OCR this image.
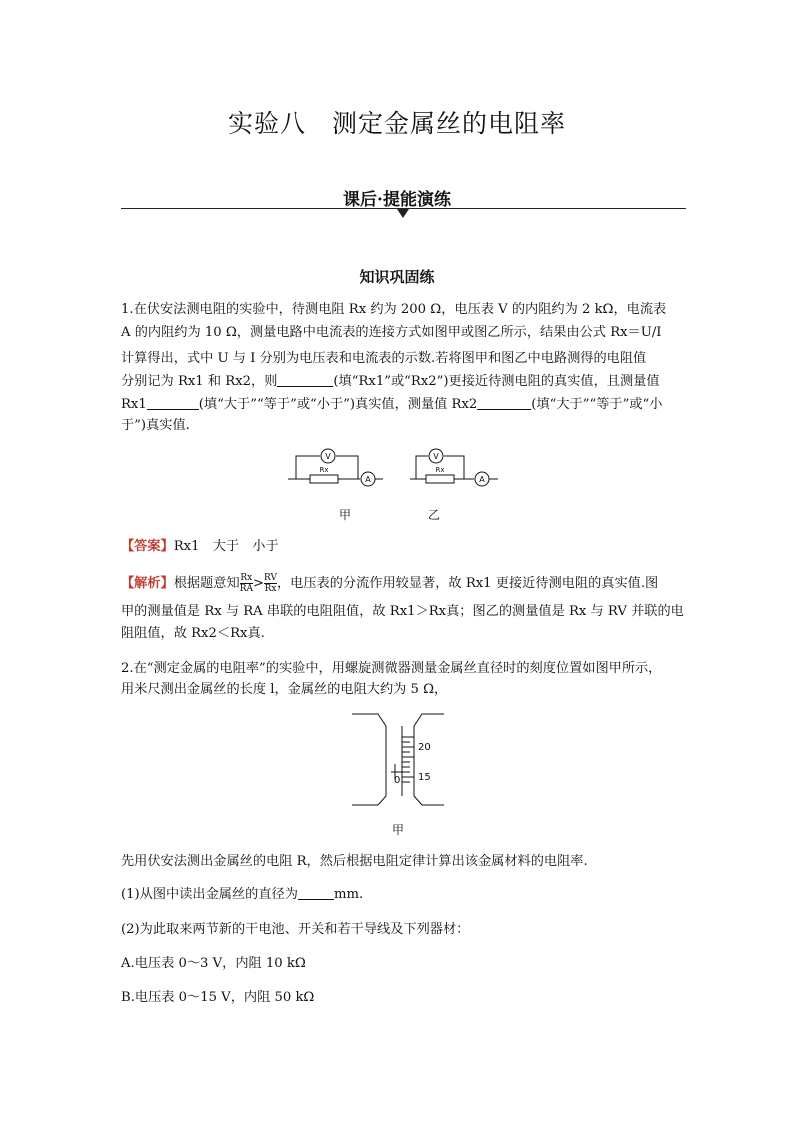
实验八　测定金属丝的电阻率
课后·提能演练
知识巩固练
1.在伏安法测电阻的实验中，待测电阻 Rx 约为 200 Ω，电压表 V 的内阻约为 2 kΩ，电流表
A 的内阻约为 10 Ω，测量电路中电流表的连接方式如图甲或图乙所示，结果由公式 Rx＝U/I
计算得出，式中 U 与 I 分别为电压表和电流表的示数.若将图甲和图乙中电路测得的电阻值
分别记为 Rx1 和 Rx2，则	(填“Rx1”或“Rx2”)更接近待测电阻的真实值，且测量值
Rx1	(填“大于”“等于”或“小于”)真实值，测量值 Rx2	(填“大于”“等于”或“小
于”)真实值.
V
A
Rx
V
A
Rx
甲	乙
【答案】Rx1　大于　小于
【解析】根据题意知 $\frac{Rx}{RA} > \frac{RV}{Rx}$ ，电压表的分流作用较显著，故 Rx1 更接近待测电阻的真实值.图
甲的测量值是 Rx 与 RA 串联的电阻阻值，故 Rx1＞Rx真；图乙的测量值是 Rx 与 RV 并联的电
阻阻值，故 Rx2＜Rx真.
2.在“测定金属的电阻率”的实验中，用螺旋测微器测量金属丝直径时的刻度位置如图甲所示，
用米尺测出金属丝的长度 l，金属丝的电阻大约为 5 Ω，
20
15
0
甲
先用伏安法测出金属丝的电阻 R，然后根据电阻定律计算出该金属材料的电阻率.
(1)从图中读出金属丝的直径为	mm.
(2)为此取来两节新的干电池、开关和若干导线及下列器材：
A.电压表 0～3 V，内阻 10 kΩ
B.电压表 0～15 V，内阻 50 kΩ
